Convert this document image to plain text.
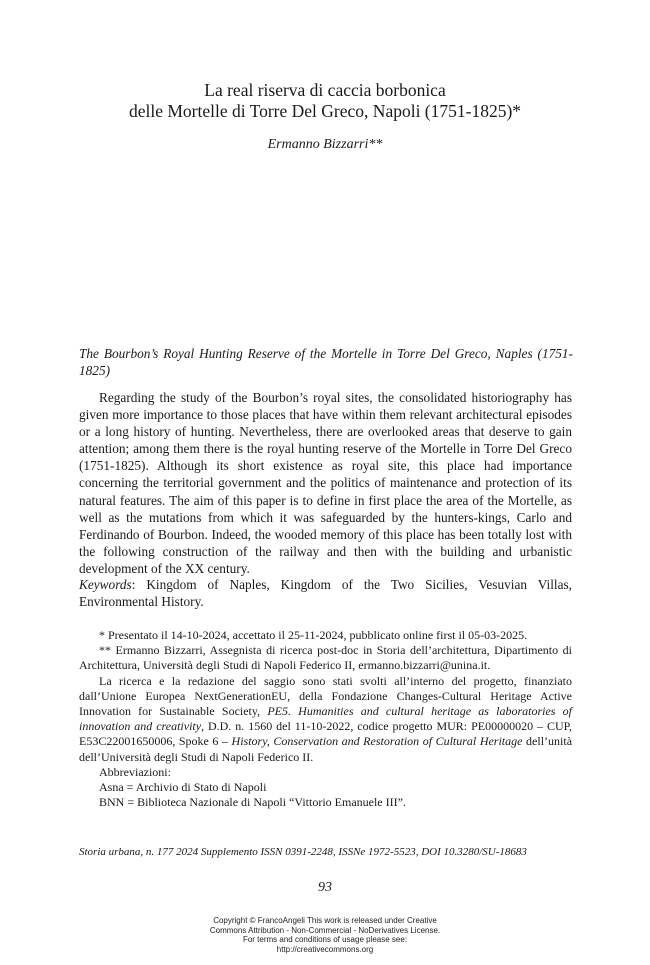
La real riserva di caccia borbonica
delle Mortelle di Torre Del Greco, Napoli (1751-1825)*
Ermanno Bizzarri**
The Bourbon’s Royal Hunting Reserve of the Mortelle in Torre Del Greco, Naples (1751-1825)

Regarding the study of the Bourbon’s royal sites, the consolidated historiography has given more importance to those places that have within them relevant architectural episodes or a long history of hunting. Nevertheless, there are overlooked areas that deserve to gain attention; among them there is the royal hunting reserve of the Mortelle in Torre Del Greco (1751-1825). Although its short existence as royal site, this place had importance concerning the territorial government and the politics of maintenance and protection of its natural features. The aim of this paper is to define in first place the area of the Mortelle, as well as the mutations from which it was safeguarded by the hunters-kings, Carlo and Ferdinando of Bourbon. Indeed, the wooded memory of this place has been totally lost with the following construction of the railway and then with the building and urbanistic development of the XX century.

Keywords: Kingdom of Naples, Kingdom of the Two Sicilies, Vesuvian Villas, Environmental History.

* Presentato il 14-10-2024, accettato il 25-11-2024, pubblicato online first il 05-03-2025.

** Ermanno Bizzarri, Assegnista di ricerca post-doc in Storia dell’architettura, Dipartimento di Architettura, Università degli Studi di Napoli Federico II, ermanno.bizzarri@unina.it.

La ricerca e la redazione del saggio sono stati svolti all’interno del progetto, finanziato dall’Unione Europea NextGenerationEU, della Fondazione Changes-Cultural Heritage Active Innovation for Sustainable Society, PE5. Humanities and cultural heritage as laboratories of innovation and creativity, D.D. n. 1560 del 11-10-2022, codice progetto MUR: PE00000020 – CUP, E53C22001650006, Spoke 6 – History, Conservation and Restoration of Cultural Heritage dell’unità dell’Università degli Studi di Napoli Federico II.

Abbreviazioni:

Asna = Archivio di Stato di Napoli

BNN = Biblioteca Nazionale di Napoli “Vittorio Emanuele III”.

Storia urbana, n. 177 2024 Supplemento ISSN 0391-2248, ISSNe 1972-5523, DOI 10.3280/SU-18683
93
Copyright © FrancoAngeli This work is released under Creative
Commons Attribution - Non-Commercial - NoDerivatives License.
For terms and conditions of usage please see:
http://creativecommons.org
